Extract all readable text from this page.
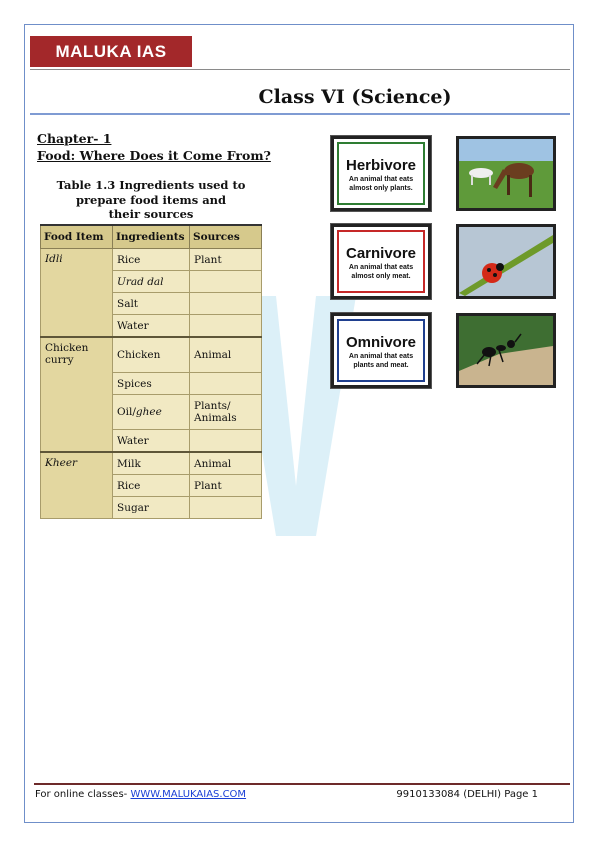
MALUKA IAS
Class VI (Science)
Chapter- 1
Food: Where Does it Come From?
Table 1.3 Ingredients used to
prepare food items and
their sources
Food Item	Ingredients	Sources
Idli	Rice	Plant
	Urad dal	
	Salt	
	Water	
Chicken curry	Chicken	Animal
	Spices	
	Oil/ghee	Plants/ Animals
	Water	
Kheer	Milk	Animal
	Rice	Plant
	Sugar	
Herbivore
An animal that eats
almost only plants.
Carnivore
An animal that eats
almost only meat.
Omnivore
An animal that eats
plants and meat.
For online classes- WWW.MALUKAIAS.COM	9910133084 (DELHI) Page 1
